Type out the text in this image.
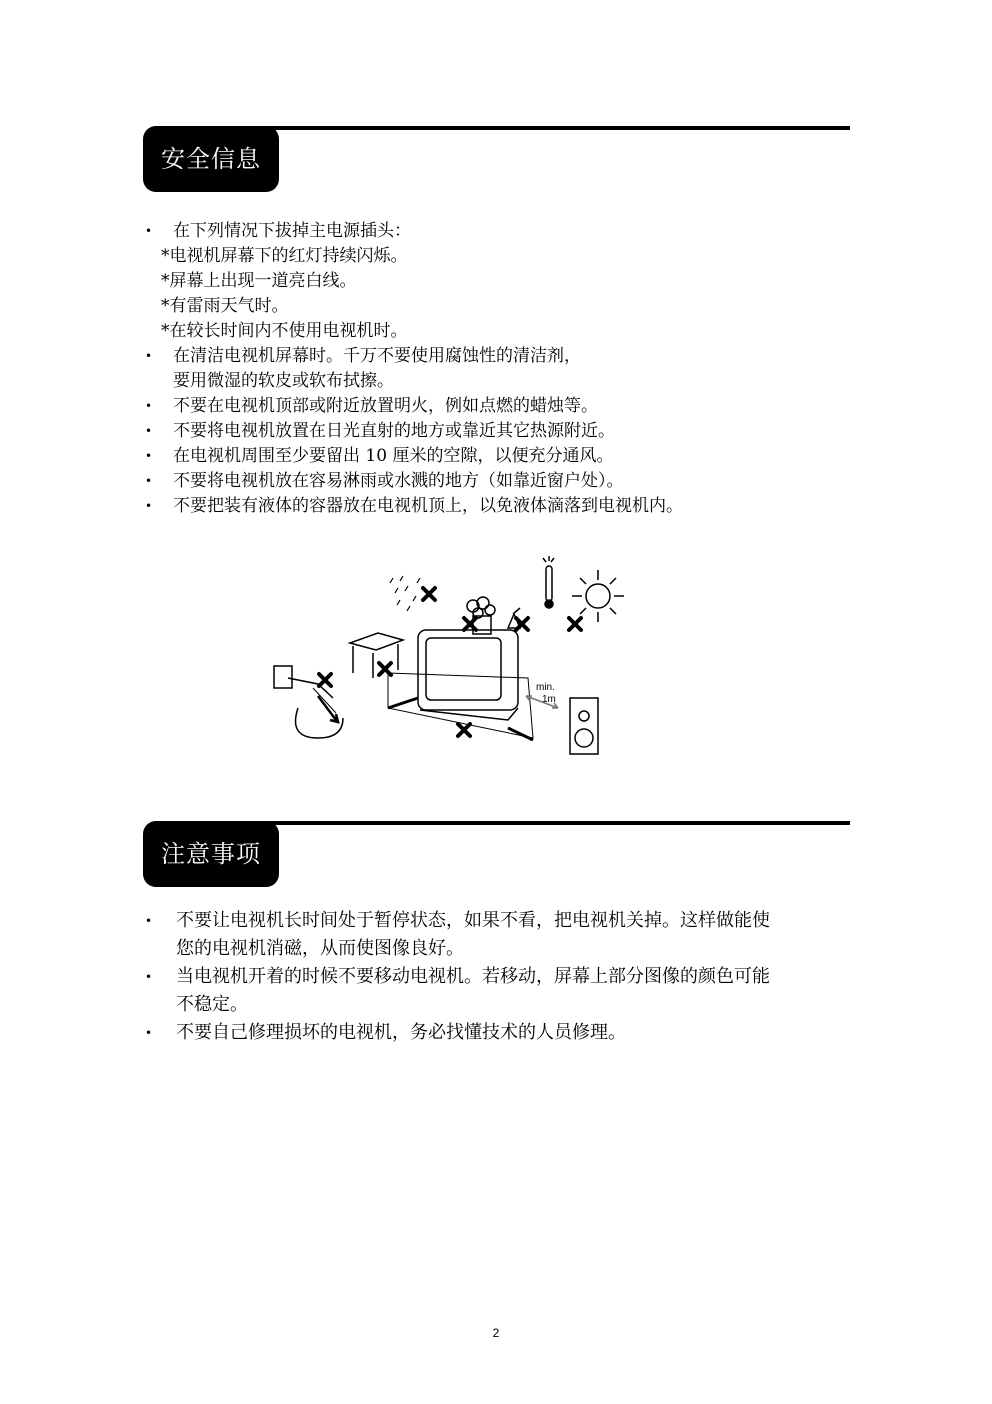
安全信息
• 在下列情况下拔掉主电源插头：
*电视机屏幕下的红灯持续闪烁。
*屏幕上出现一道亮白线。
*有雷雨天气时。
*在较长时间内不使用电视机时。
• 在清洁电视机屏幕时。千万不要使用腐蚀性的清洁剂，
要用微湿的软皮或软布拭擦。
• 不要在电视机顶部或附近放置明火，例如点燃的蜡烛等。
• 不要将电视机放置在日光直射的地方或靠近其它热源附近。
• 在电视机周围至少要留出 10 厘米的空隙，以便充分通风。
• 不要将电视机放在容易淋雨或水溅的地方（如靠近窗户处）。
• 不要把装有液体的容器放在电视机顶上，以免液体滴落到电视机内。
min.
1m
注意事项
• 不要让电视机长时间处于暂停状态，如果不看，把电视机关掉。这样做能使
您的电视机消磁，从而使图像良好。
• 当电视机开着的时候不要移动电视机。若移动，屏幕上部分图像的颜色可能
不稳定。
• 不要自己修理损坏的电视机，务必找懂技术的人员修理。
2
